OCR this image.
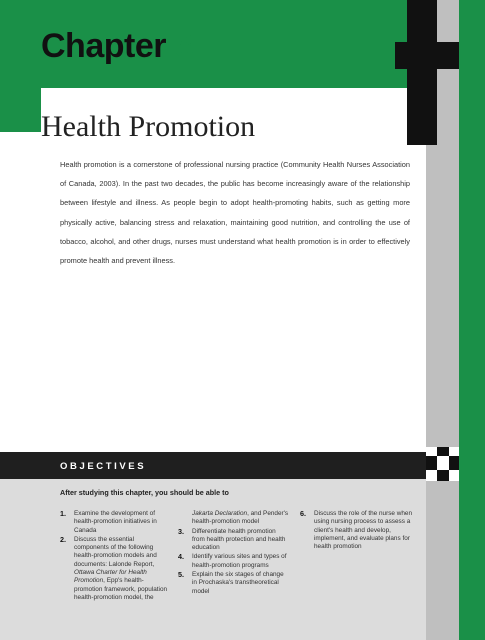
Chapter 8
Health Promotion
Health promotion is a cornerstone of professional nursing practice (Community Health Nurses Association of Canada, 2003). In the past two decades, the public has become increasingly aware of the relationship between lifestyle and illness. As people begin to adopt health-promoting habits, such as getting more physically active, balancing stress and relaxation, maintaining good nutrition, and controlling the use of tobacco, alcohol, and other drugs, nurses must understand what health promotion is in order to effectively promote health and prevent illness.
OBJECTIVES
After studying this chapter, you should be able to
1. Examine the development of health-promotion initiatives in Canada
2. Discuss the essential components of the following health-promotion models and documents: Lalonde Report, Ottawa Charter for Health Promotion, Epp's health-promotion framework, population health-promotion model, the
Jakarta Declaration, and Pender's health-promotion model
3. Differentiate health promotion from health protection and health education
4. Identify various sites and types of health-promotion programs
5. Explain the six stages of change in Prochaska's transtheoretical model
6. Discuss the role of the nurse when using nursing process to assess a client's health and develop, implement, and evaluate plans for health promotion
